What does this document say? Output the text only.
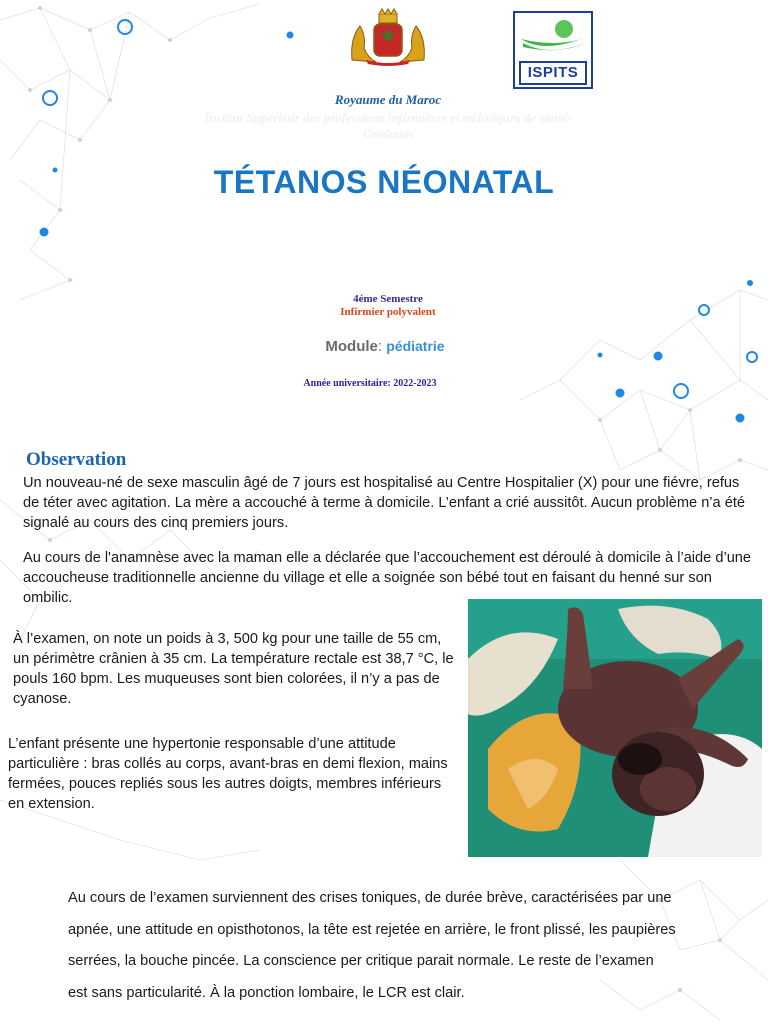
ISPITS
Royaume du Maroc
Institut Supérieur des professions infirmières et techniques de santé-
Guelmim
TÉTANOS NÉONATAL
4éme Semestre
Infirmier polyvalent
Module: pédiatrie
Année universitaire: 2022-2023
Observation

Un nouveau-né de sexe masculin âgé de 7 jours est hospitalisé au Centre Hospitalier (X) pour une fiévre, refus de téter avec agitation. La mère a accouché à terme à domicile. L’enfant a crié aussitôt. Aucun problème n’a été signalé au cours des cinq premiers jours.

Au cours de l'anamnèse avec la maman elle a déclarée que l’accouchement est déroulé à domicile à l’aide d’une accoucheuse traditionnelle ancienne du village et elle a soignée son bébé tout en faisant du henné sur son ombilic.

À l’examen, on note un poids à 3, 500 kg pour une taille de 55 cm, un périmètre crânien à 35 cm. La température rectale est 38,7 °C, le pouls 160 bpm. Les muqueuses sont bien colorées, il n’y a pas de cyanose.

L’enfant présente une hypertonie responsable d’une attitude particulière : bras collés au corps, avant-bras en demi flexion, mains fermées, pouces repliés sous les autres doigts, membres inférieurs en extension.

Au cours de l’examen surviennent des crises toniques, de durée brève, caractérisées par une apnée, une attitude en opisthotonos, la tête est rejetée en arrière, le front plissé, les paupières serrées, la bouche pincée. La conscience per critique parait normale. Le reste de l’examen est sans particularité. À la ponction lombaire, le LCR est clair.
